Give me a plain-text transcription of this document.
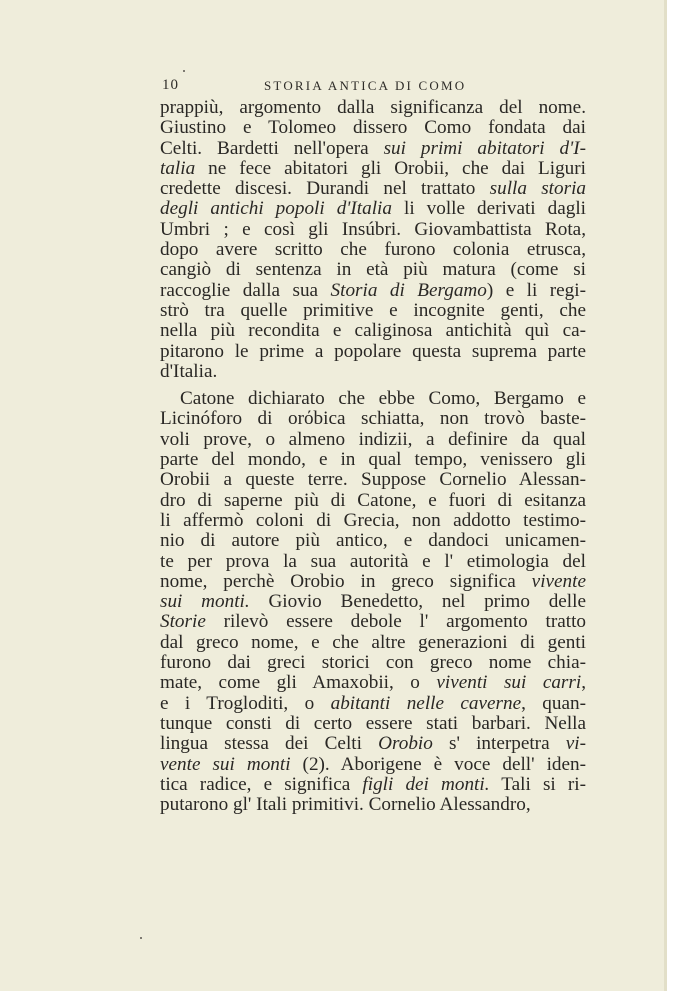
10	STORIA ANTICA DI COMO
prappiù, argomento dalla significanza del nome.
Giustino e Tolomeo dissero Como fondata dai
Celti. Bardetti nell'opera sui primi abitatori d'I-
talia ne fece abitatori gli Orobii, che dai Liguri
credette discesi. Durandi nel trattato sulla storia
degli antichi popoli d'Italia li volle derivati dagli
Umbri ; e così gli Insúbri. Giovambattista Rota,
dopo avere scritto che furono colonia etrusca,
cangiò di sentenza in età più matura (come si
raccoglie dalla sua Storia di Bergamo) e li regi-
strò tra quelle primitive e incognite genti, che
nella più recondita e caliginosa antichità quì ca-
pitarono le prime a popolare questa suprema parte
d'Italia.
Catone dichiarato che ebbe Como, Bergamo e
Licinóforo di orόbica schiatta, non trovò baste-
voli prove, o almeno indizii, a definire da qual
parte del mondo, e in qual tempo, venissero gli
Orobii a queste terre. Suppose Cornelio Alessan-
dro di saperne più di Catone, e fuori di esitanza
li affermò coloni di Grecia, non addotto testimo-
nio di autore più antico, e dandoci unicamen-
te per prova la sua autorità e l' etimologia del
nome, perchè Orobio in greco significa vivente
sui monti. Giovio Benedetto, nel primo delle
Storie rilevò essere debole l' argomento tratto
dal greco nome, e che altre generazioni di genti
furono dai greci storici con greco nome chia-
mate, come gli Amaxobii, o viventi sui carri,
e i Trogloditi, o abitanti nelle caverne, quan-
tunque consti di certo essere stati barbari. Nella
lingua stessa dei Celti Orobio s' interpetra vi-
vente sui monti (2). Aborigene è voce dell' iden-
tica radice, e significa figli dei monti. Tali si ri-
putarono gl' Itali primitivi. Cornelio Alessandro,
